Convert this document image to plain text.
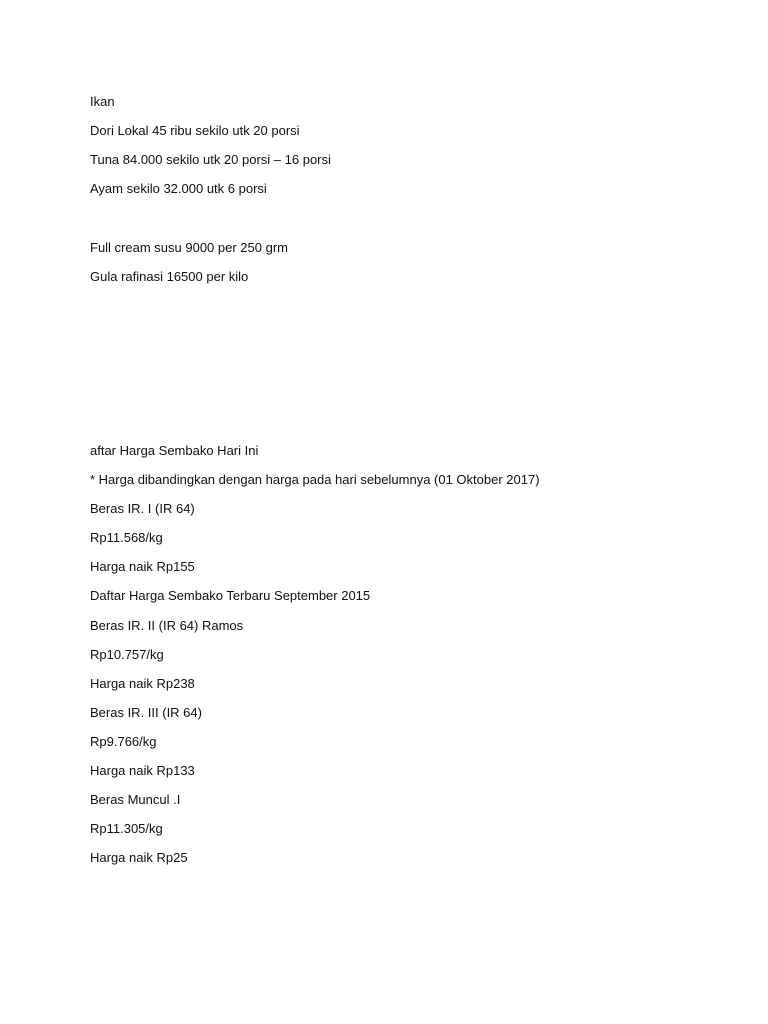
Ikan
Dori Lokal 45 ribu sekilo utk 20 porsi
Tuna 84.000 sekilo utk 20 porsi – 16 porsi
Ayam sekilo 32.000 utk 6 porsi
Full cream susu 9000 per 250 grm
Gula rafinasi 16500 per kilo
aftar Harga Sembako Hari Ini
* Harga dibandingkan dengan harga pada hari sebelumnya (01 Oktober 2017)
Beras IR. I (IR 64)
Rp11.568/kg
Harga naik Rp155
Daftar Harga Sembako Terbaru September 2015
Beras IR. II (IR 64) Ramos
Rp10.757/kg
Harga naik Rp238
Beras IR. III (IR 64)
Rp9.766/kg
Harga naik Rp133
Beras Muncul .I
Rp11.305/kg
Harga naik Rp25
